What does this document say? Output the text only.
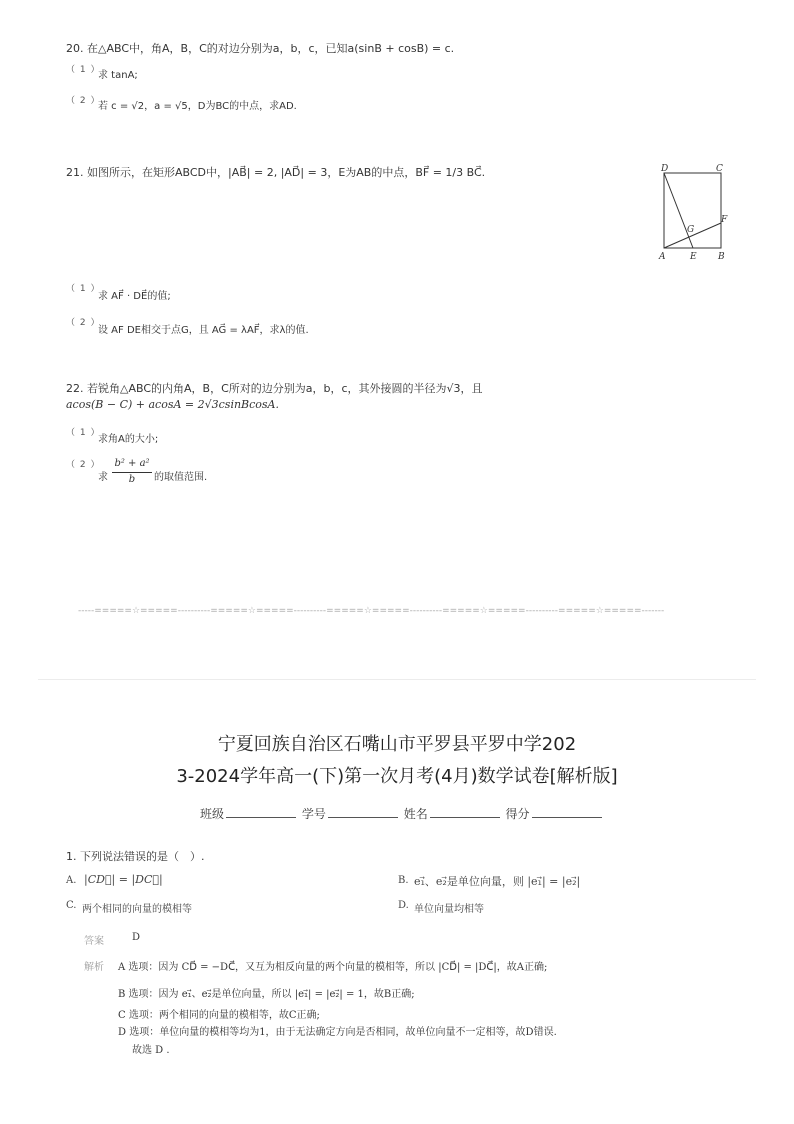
20. 在△ABC中，角A，B，C的对边分别为a，b，c，已知a(sinB + cosB) = c.
（ 1 ）
求 tanA;
（ 2 ）
若 c = √2，a = √5，D为BC的中点，求AD.
21. 如图所示，在矩形ABCD中，|AB⃗| = 2, |AD⃗| = 3，E为AB的中点，BF⃗ = 1/3 BC⃗.	D	C
F
G
A	E B
（ 1 ）
求 AF⃗ · DE⃗的值;
（ 2 ）
设 AF DE相交于点G，且 AG⃗ = λAF⃗，求λ的值.
22. 若锐角△ABC的内角A，B，C所对的边分别为a，b，c，其外接圆的半径为√3，且
acos(B − C) + acosA = 2√3csinBcosA.
（ 1 ）
求角A的大小;
（ 2 ）
求
b² + a²
b	的取值范围.
-----=====☆=====----------=====☆=====----------=====☆=====----------=====☆=====----------=====☆=====-------
宁夏回族自治区石嘴山市平罗县平罗中学202
3-2024学年高一(下)第一次月考(4月)数学试卷[解析版]
班级	学号	姓名	得分
1. 下列说法错误的是（　）.
A. |CD⃗| = |DC⃗|	B. e₁⃗、e₂⃗是单位向量，则 |e₁⃗| = |e₂⃗|
C. 两个相同的向量的模相等	D. 单位向量均相等
答案	D
解析 A 选项：因为 CD⃗ = −DC⃗，又互为相反向量的两个向量的模相等，所以 |CD⃗| = |DC⃗|，故A正确;
B 选项：因为 e₁⃗、e₂⃗是单位向量，所以 |e₁⃗| = |e₂⃗| = 1，故B正确;
C 选项：两个相同的向量的模相等，故C正确;
D 选项：单位向量的模相等均为1，由于无法确定方向是否相同，故单位向量不一定相等，故D错误.
故选 D .
